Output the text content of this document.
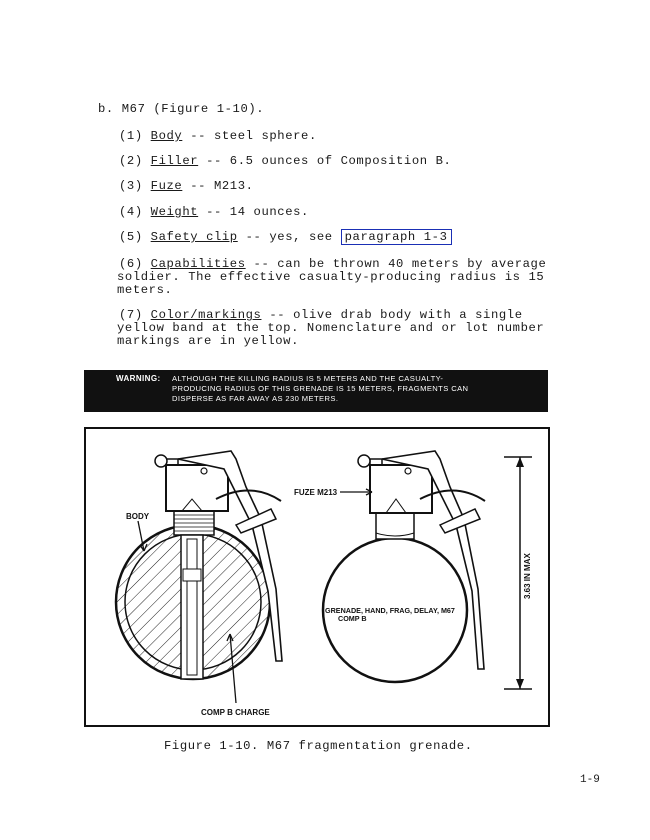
b. M67 (Figure 1-10).
(1) Body -- steel sphere.
(2) Filler -- 6.5 ounces of Composition B.
(3) Fuze -- M213.
(4) Weight -- 14 ounces.
(5) Safety clip -- yes, see paragraph 1-3
(6) Capabilities -- can be thrown 40 meters by average
soldier. The effective casualty-producing radius is 15
meters.
(7) Color/markings -- olive drab body with a single
yellow band at the top. Nomenclature and or lot number
markings are in yellow.
WARNING: ALTHOUGH THE KILLING RADIUS IS 5 METERS AND THE CASUALTY-
PRODUCING RADIUS OF THIS GRENADE IS 15 METERS, FRAGMENTS CAN
DISPERSE AS FAR AWAY AS 230 METERS.
BODY
FUZE M213
COMP B CHARGE
GRENADE, HAND, FRAG, DELAY, M67
COMP B
3.63 IN MAX
Figure 1-10. M67 fragmentation grenade.
1-9
